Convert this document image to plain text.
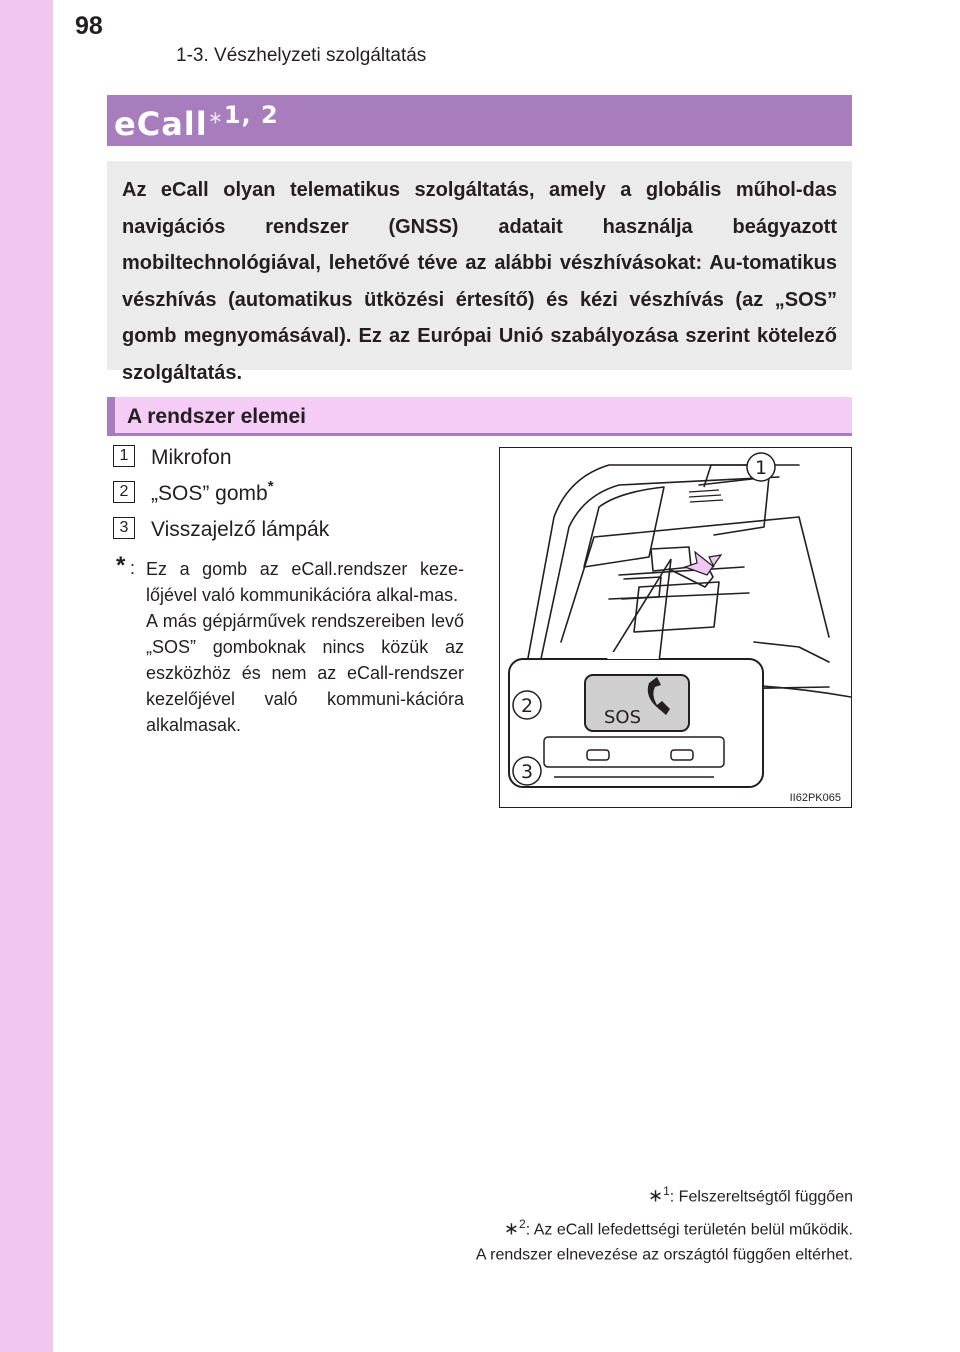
98
1-3. Vészhelyzeti szolgáltatás
eCall$^{∗1, 2}$

Az eCall olyan telematikus szolgáltatás, amely a globális műhol-das navigációs rendszer (GNSS) adatait használja beágyazott mobiltechnológiával, lehetővé téve az alábbi vészhívásokat: Au-tomatikus vészhívás (automatikus ütközési értesítő) és kézi vészhívás (az „SOS” gomb megnyomásával). Ez az Európai Unió szabályozása szerint kötelező szolgáltatás.

A rendszer elemei
1	Mikrofon
2	„SOS” gomb*
3	Visszajelző lámpák
* : Ez a gomb az eCall.rendszer keze-lőjével való kommunikációra alkal-mas.
A más gépjárművek rendszereiben levő „SOS” gomboknak nincs közük az eszközhöz és nem az eCall-rendszer kezelőjével való kommuni-kációra alkalmasak.	SOS
1
2
3
II62PK065
∗$^1$: Felszereltségtől függően
∗$^2$: Az eCall lefedettségi területén belül működik.
A rendszer elnevezése az országtól függően eltérhet.
